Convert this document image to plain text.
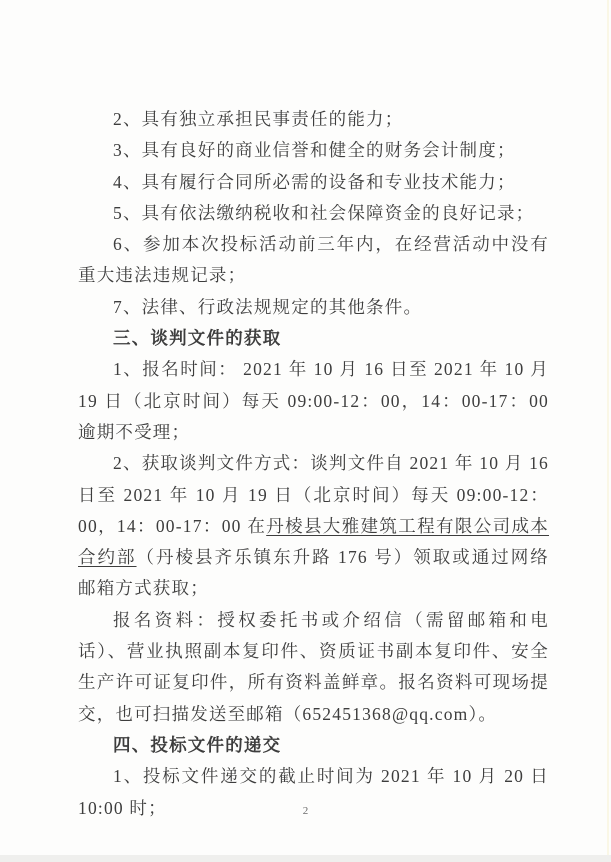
2、具有独立承担民事责任的能力；

3、具有良好的商业信誉和健全的财务会计制度；

4、具有履行合同所必需的设备和专业技术能力；

5、具有依法缴纳税收和社会保障资金的良好记录；

6、参加本次投标活动前三年内，在经营活动中没有重大违法违规记录；

7、法律、行政法规规定的其他条件。

三、谈判文件的获取

1、报名时间： 2021 年 10 月 16 日至 2021 年 10 月 19 日（北京时间）每天 09:00-12：00，14：00-17：00 逾期不受理；

2、获取谈判文件方式：谈判文件自 2021 年 10 月 16 日至 2021 年 10 月 19 日（北京时间）每天 09:00-12：00，14：00-17：00 在丹棱县大雅建筑工程有限公司成本合约部（丹棱县齐乐镇东升路 176 号）领取或通过网络邮箱方式获取；

报名资料：授权委托书或介绍信（需留邮箱和电话）、营业执照副本复印件、资质证书副本复印件、安全生产许可证复印件，所有资料盖鲜章。报名资料可现场提交，也可扫描发送至邮箱（652451368@qq.com）。

四、投标文件的递交

1、投标文件递交的截止时间为 2021 年 10 月 20 日 10:00 时；	2
